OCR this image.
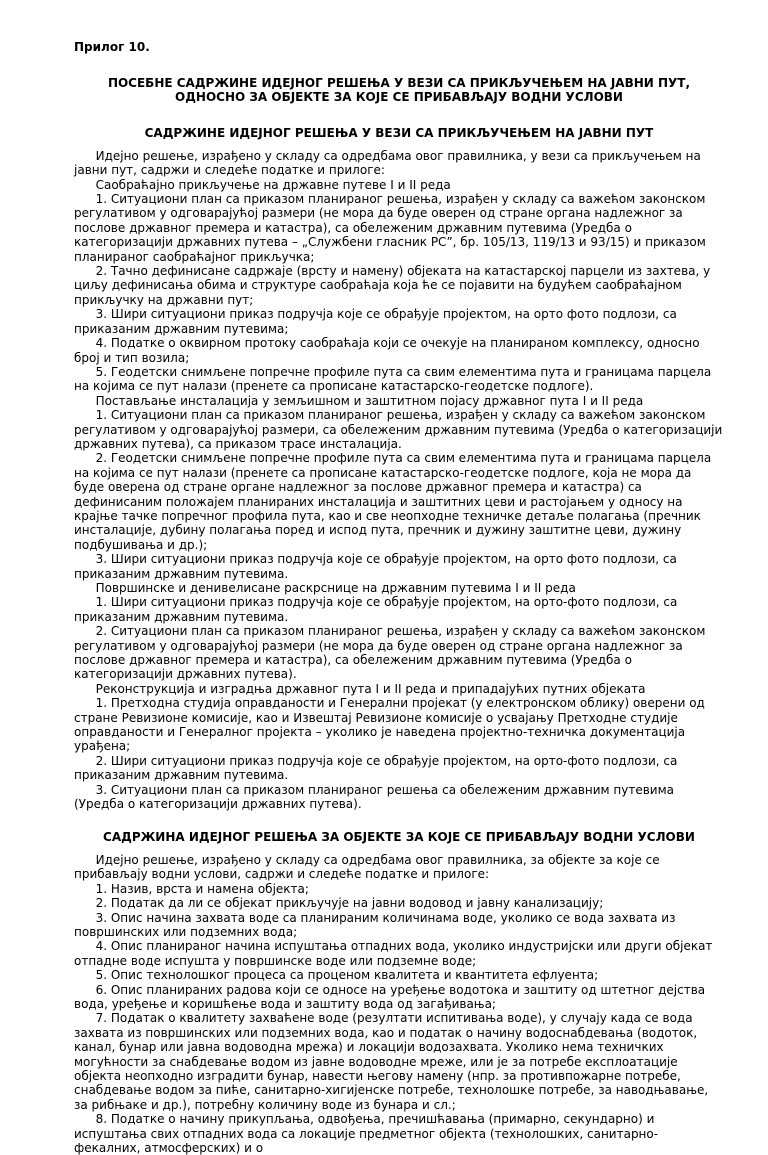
Прилог 10.
ПОСЕБНЕ САДРЖИНЕ ИДЕЈНОГ РЕШЕЊА У ВЕЗИ СА ПРИКЉУЧЕЊЕМ НА ЈАВНИ ПУТ, ОДНОСНО ЗА ОБЈЕКТЕ ЗА КОЈЕ СЕ ПРИБАВЉАЈУ ВОДНИ УСЛОВИ
САДРЖИНЕ ИДЕЈНОГ РЕШЕЊА У ВЕЗИ СА ПРИКЉУЧЕЊЕМ НА ЈАВНИ ПУТ

Идејно решење, израђено у складу са одредбама овог правилника, у вези са прикључењем на јавни пут, садржи и следеће податке и прилоге:

Саобраћајно прикључење на државне путеве I и II реда

1. Ситуациони план са приказом планираног решења, израђен у складу са важећом законском регулативом у одговарајућој размери (не мора да буде оверен од стране органа надлежног за послове државног премера и катастра), са обележеним државним путевима (Уредба о категоризацији државних путева – „Службени гласник РС”, бр. 105/13, 119/13 и 93/15) и приказом планираног саобраћајног прикључка;

2. Тачно дефинисане садржаје (врсту и намену) објеката на катастарској парцели из захтева, у циљу дефинисања обима и структуре саобраћаја која ће се појавити на будућем саобраћајном прикључку на државни пут;

3. Шири ситуациони приказ подручја које се обрађује пројектом, на орто фото подлози, са приказаним државним путевима;

4. Податке о оквирном протоку саобраћаја који се очекује на планираном комплексу, односно број и тип возила;

5. Геодетски снимљене попречне профиле пута са свим елементима пута и границама парцела на којима се пут налази (пренете са прописане катастарско-геодетске подлоге).

Постављање инсталација у земљишном и заштитном појасу државног пута I и II реда

1. Ситуациони план са приказом планираног решења, израђен у складу са важећом законском регулативом у одговарајућој размери, са обележеним државним путевима (Уредба о категоризацији државних путева), са приказом трасе инсталација.

2. Геодетски снимљене попречне профиле пута са свим елементима пута и границама парцела на којима се пут налази (пренете са прописане катастарско-геодетске подлоге, која не мора да буде оверена од стране органе надлежног за послове државног премера и катастра) са дефинисаним положајем планираних инсталација и заштитних цеви и растојањем у односу на крајње тачке попречног профила пута, као и све неопходне техничке детаље полагања (пречник инсталације, дубину полагања поред и испод пута, пречник и дужину заштитне цеви, дужину подбушивања и др.);

3. Шири ситуациони приказ подручја које се обрађује пројектом, на орто фото подлози, са приказаним државним путевима.

Површинске и денивелисане раскрснице на државним путевима I и II реда

1. Шири ситуациони приказ подручја које се обрађује пројектом, на орто-фото подлози, са приказаним државним путевима.

2. Ситуациони план са приказом планираног решења, израђен у складу са важећом законском регулативом у одговарајућој размери (не мора да буде оверен од стране органа надлежног за послове државног премера и катастра), са обележеним државним путевима (Уредба о категоризацији државних путева).

Реконструкција и изградња државног пута I и II реда и припадајућих путних објеката

1. Претходна студија оправданости и Генерални пројекат (у електронском облику) оверени од стране Ревизионе комисије, као и Извештај Ревизионе комисије о усвајању Претходне студије оправданости и Генералног пројекта – уколико је наведена пројектно-техничка документација урађена;

2. Шири ситуациони приказ подручја које се обрађује пројектом, на орто-фото подлози, са приказаним државним путевима.

3. Ситуациони план са приказом планираног решења са обележеним државним путевима (Уредба о категоризацији државних путева).

САДРЖИНА ИДЕЈНОГ РЕШЕЊА ЗА ОБЈЕКТЕ ЗА КОЈЕ СЕ ПРИБАВЉАЈУ ВОДНИ УСЛОВИ

Идејно решење, израђено у складу са одредбама овог правилника, за објекте за које се прибављају водни услови, садржи и следеће податке и прилоге:

1. Назив, врста и намена објекта;

2. Податак да ли се објекат прикључује на јавни водовод и јавну канализацију;

3. Опис начина захвата воде са планираним количинама воде, уколико се вода захвата из површинских или подземних вода;

4. Опис планираног начина испуштања отпадних вода, уколико индустријски или други објекат отпадне воде испушта у површинске воде или подземне воде;

5. Опис технолошког процеса са проценом квалитета и квантитета ефлуента;

6. Опис планираних радова који се односе на уређење водотока и заштиту од штетног дејства вода, уређење и коришћење вода и заштиту вода од загађивања;

7. Податак о квалитету захваћене воде (резултати испитивања воде), у случају када се вода захвата из површинских или подземних вода, као и податак о начину водоснабдевања (водоток, канал, бунар или јавна водоводна мрежа) и локацији водозахвата. Уколико нема техничких могућности за снабдевање водом из јавне водоводне мреже, или је за потребе експлоатације објекта неопходно изградити бунар, навести његову намену (нпр. за противпожарне потребе, снабдевање водом за пиће, санитарно-хигијенске потребе, технолошке потребе, за наводњавање, за рибњаке и др.), потребну количину воде из бунара и сл.;

8. Податке о начину прикупљања, одвођења, пречишћавања (примарно, секундарно) и испуштања свих отпадних вода са локације предметног објекта (технолошких, санитарно-фекалних, атмосферских) и о
